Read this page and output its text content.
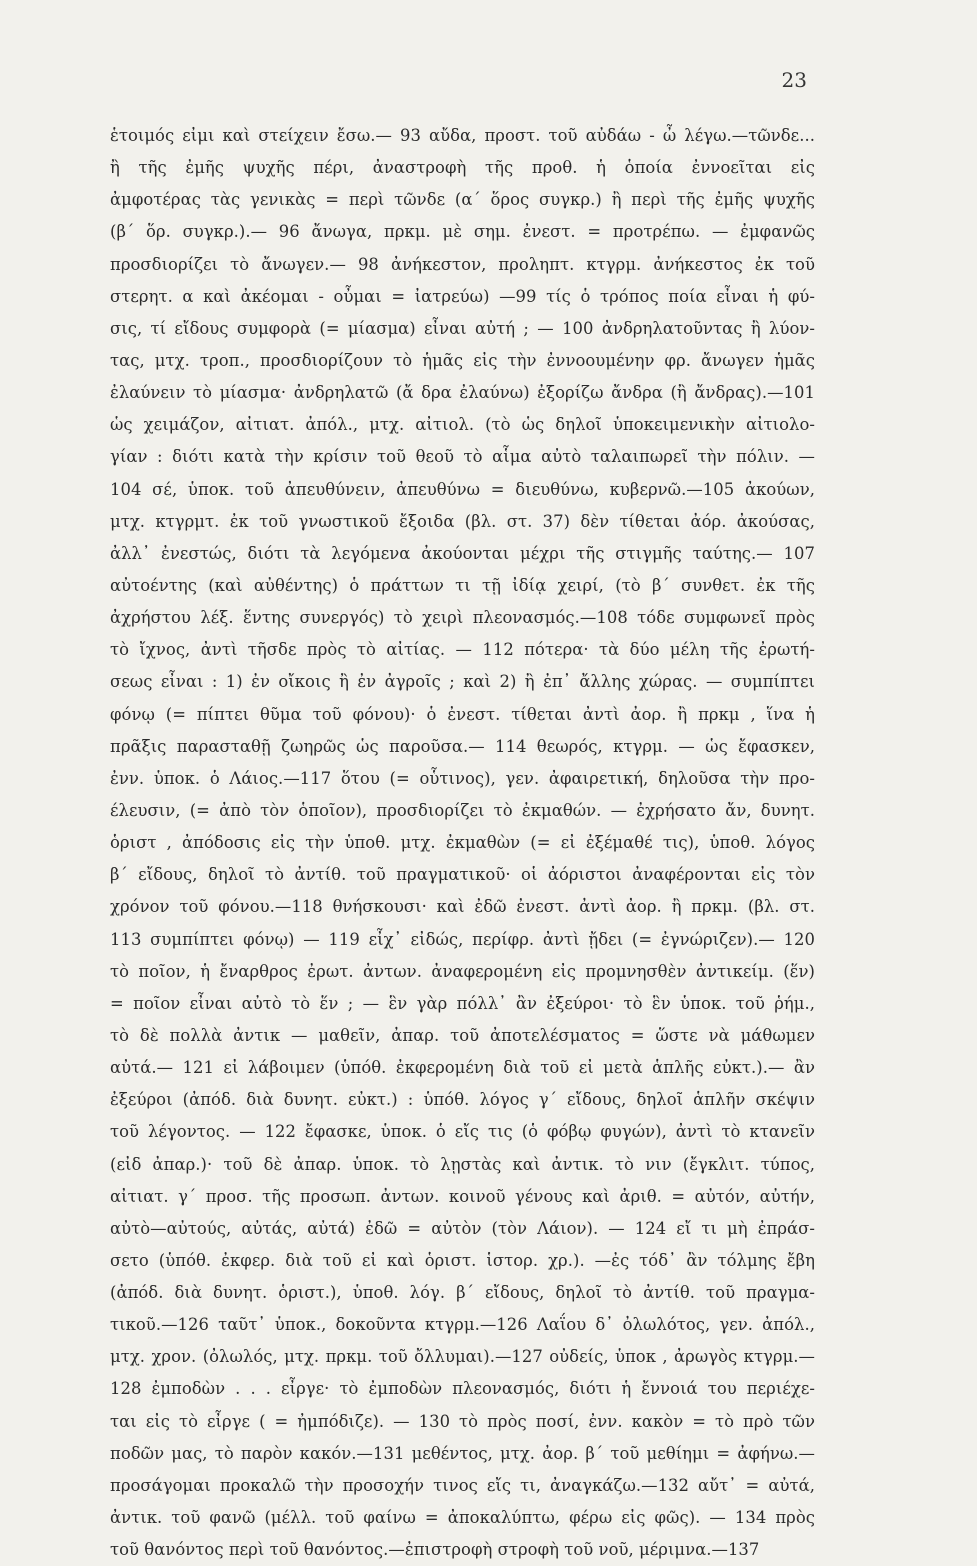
23
ἑτοιμός εἰμι καὶ στείχειν ἔσω.— 93 αὔδα, προστ. τοῦ αὐδάω - ὦ λέγω.—τῶνδε...
ἢ τῆς ἐμῆς ψυχῆς πέρι, ἀναστροφὴ τῆς προθ. ἡ ὁποία ἐννοεῖται εἰς
ἀμφοτέρας τὰς γενικὰς = περὶ τῶνδε (α΄ ὅρος συγκρ.) ἢ περὶ τῆς ἐμῆς ψυχῆς
(β΄ ὅρ. συγκρ.).— 96 ἄνωγα, πρκμ. μὲ σημ. ἐνεστ. = προτρέπω. — ἐμφανῶς
προσδιορίζει τὸ ἄνωγεν.— 98 ἀνήκεστον, προληπτ. κτγρμ. ἀνήκεστος ἐκ τοῦ
στερητ. α καὶ ἀκέομαι - οὖμαι = ἰατρεύω) —99 τίς ὁ τρόπος ποία εἶναι ἡ φύ-
σις, τί εἴδους συμφορὰ (= μίασμα) εἶναι αὐτή ; — 100 ἀνδρηλατοῦντας ἢ λύον-
τας, μτχ. τροπ., προσδιορίζουν τὸ ἡμᾶς εἰς τὴν ἐννοουμένην φρ. ἄνωγεν ἡμᾶς
ἐλαύνειν τὸ μίασμα· ἀνδρηλατῶ (ἄ δρα ἐλαύνω) ἐξορίζω ἄνδρα (ἢ ἄνδρας).—101
ὡς χειμάζον, αἰτιατ. ἀπόλ., μτχ. αἰτιολ. (τὸ ὡς δηλοῖ ὑποκειμενικὴν αἰτιολο-
γίαν : διότι κατὰ τὴν κρίσιν τοῦ θεοῦ τὸ αἷμα αὐτὸ ταλαιπωρεῖ τὴν πόλιν. —
104 σέ, ὑποκ. τοῦ ἀπευθύνειν, ἀπευθύνω = διευθύνω, κυβερνῶ.—105 ἀκούων,
μτχ. κτγρμτ. ἐκ τοῦ γνωστικοῦ ἔξοιδα (βλ. στ. 37) δὲν τίθεται ἀόρ. ἀκούσας,
ἀλλ᾽ ἐνεστώς, διότι τὰ λεγόμενα ἀκούονται μέχρι τῆς στιγμῆς ταύτης.— 107
αὐτοέντης (καὶ αὐθέντης) ὁ πράττων τι τῇ ἰδίᾳ χειρί, (τὸ β΄ συνθετ. ἐκ τῆς
ἀχρήστου λέξ. ἕντης συνεργός) τὸ χειρὶ πλεονασμός.—108 τόδε συμφωνεῖ πρὸς
τὸ ἴχνος, ἀντὶ τῆσδε πρὸς τὸ αἰτίας. — 112 πότερα· τὰ δύο μέλη τῆς ἐρωτή-
σεως εἶναι : 1) ἐν οἴκοις ἢ ἐν ἀγροῖς ; καὶ 2) ἢ ἐπ᾽ ἄλλης χώρας. — συμπίπτει
φόνῳ (= πίπτει θῦμα τοῦ φόνου)· ὁ ἐνεστ. τίθεται ἀντὶ ἀορ. ἢ πρκμ , ἵνα ἡ
πρᾶξις παρασταθῇ ζωηρῶς ὡς παροῦσα.— 114 θεωρός, κτγρμ. — ὡς ἔφασκεν,
ἐνν. ὑποκ. ὁ Λάιος.—117 ὅτου (= οὗτινος), γεν. ἀφαιρετική, δηλοῦσα τὴν προ-
έλευσιν, (= ἀπὸ τὸν ὁποῖον), προσδιορίζει τὸ ἐκμαθών. — ἐχρήσατο ἄν, δυνητ.
ὁριστ , ἀπόδοσις εἰς τὴν ὑποθ. μτχ. ἐκμαθὼν (= εἰ ἐξέμαθέ τις), ὑποθ. λόγος
β΄ εἴδους, δηλοῖ τὸ ἀντίθ. τοῦ πραγματικοῦ· οἱ ἀόριστοι ἀναφέρονται εἰς τὸν
χρόνον τοῦ φόνου.—118 θνήσκουσι· καὶ ἐδῶ ἐνεστ. ἀντὶ ἀορ. ἢ πρκμ. (βλ. στ.
113 συμπίπτει φόνῳ) — 119 εἶχ᾽ εἰδώς, περίφρ. ἀντὶ ᾔδει (= ἐγνώριζεν).— 120
τὸ ποῖον, ἡ ἔναρθρος ἐρωτ. ἀντων. ἀναφερομένη εἰς προμνησθὲν ἀντικείμ. (ἕν)
= ποῖον εἶναι αὐτὸ τὸ ἕν ; — ἓν γὰρ πόλλ᾽ ἂν ἐξεύροι· τὸ ἓν ὑποκ. τοῦ ῥήμ.,
τὸ δὲ πολλὰ ἀντικ — μαθεῖν, ἀπαρ. τοῦ ἀποτελέσματος = ὥστε νὰ μάθωμεν
αὐτά.— 121 εἰ λάβοιμεν (ὑπόθ. ἐκφερομένη διὰ τοῦ εἰ μετὰ ἁπλῆς εὐκτ.).— ἂν
ἐξεύροι (ἀπόδ. διὰ δυνητ. εὐκτ.) : ὑπόθ. λόγος γ΄ εἴδους, δηλοῖ ἁπλῆν σκέψιν
τοῦ λέγοντος. — 122 ἔφασκε, ὑποκ. ὁ εἴς τις (ὁ φόβῳ φυγών), ἀντὶ τὸ κτανεῖν
(εἰδ ἀπαρ.)· τοῦ δὲ ἀπαρ. ὑποκ. τὸ λῃστὰς καὶ ἀντικ. τὸ νιν (ἔγκλιτ. τύπος,
αἰτιατ. γ΄ προσ. τῆς προσωπ. ἀντων. κοινοῦ γένους καὶ ἀριθ. = αὐτόν, αὐτήν,
αὐτὸ—αὐτούς, αὐτάς, αὐτά) ἐδῶ = αὐτὸν (τὸν Λάιον). — 124 εἴ τι μὴ ἐπράσ-
σετο (ὑπόθ. ἐκφερ. διὰ τοῦ εἰ καὶ ὁριστ. ἱστορ. χρ.). —ἐς τόδ᾽ ἂν τόλμης ἔβη
(ἀπόδ. διὰ δυνητ. ὁριστ.), ὑποθ. λόγ. β΄ εἴδους, δηλοῖ τὸ ἀντίθ. τοῦ πραγμα-
τικοῦ.—126 ταῦτ᾽ ὑποκ., δοκοῦντα κτγρμ.—126 Λαΐου δ᾽ ὀλωλότος, γεν. ἀπόλ.,
μτχ. χρον. (ὀλωλός, μτχ. πρκμ. τοῦ ὄλλυμαι).—127 οὐδείς, ὑποκ , ἀρωγὸς κτγρμ.—
128 ἐμποδὼν . . . εἶργε· τὸ ἐμποδὼν πλεονασμός, διότι ἡ ἔννοιά του περιέχε-
ται εἰς τὸ εἶργε ( = ἠμπόδιζε). — 130 τὸ πρὸς ποσί, ἐνν. κακὸν = τὸ πρὸ τῶν
ποδῶν μας, τὸ παρὸν κακόν.—131 μεθέντος, μτχ. ἀορ. β΄ τοῦ μεθίημι = ἀφήνω.—
προσάγομαι προκαλῶ τὴν προσοχήν τινος εἴς τι, ἀναγκάζω.—132 αὔτ᾽ = αὐτά,
ἀντικ. τοῦ φανῶ (μέλλ. τοῦ φαίνω = ἀποκαλύπτω, φέρω εἰς φῶς). — 134 πρὸς
τοῦ θανόντος περὶ τοῦ θανόντος.—ἐπιστροφὴ στροφὴ τοῦ νοῦ, μέριμνα.—137
